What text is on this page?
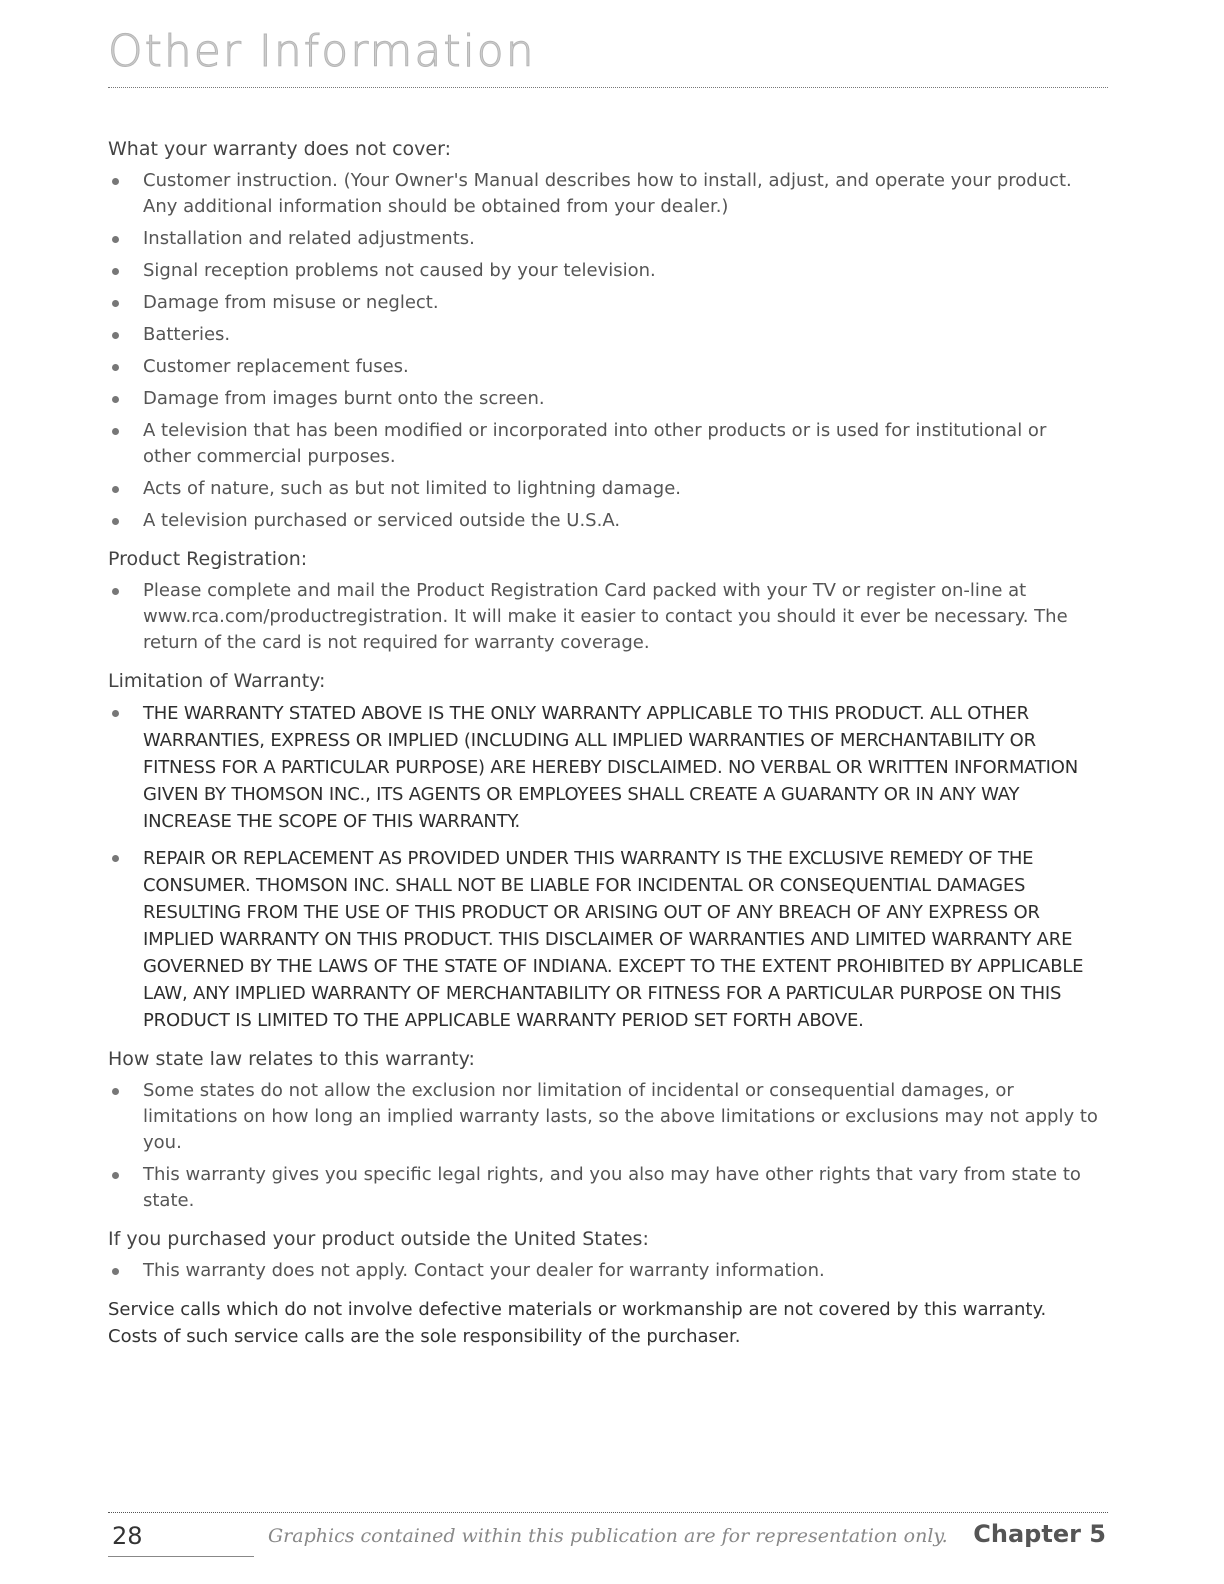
Other Information
What your warranty does not cover:
Customer instruction. (Your Owner's Manual describes how to install, adjust, and operate your product. Any additional information should be obtained from your dealer.)
Installation and related adjustments.
Signal reception problems not caused by your television.
Damage from misuse or neglect.
Batteries.
Customer replacement fuses.
Damage from images burnt onto the screen.
A television that has been modified or incorporated into other products or is used for institutional or other commercial purposes.
Acts of nature, such as but not limited to lightning damage.
A television purchased or serviced outside the U.S.A.
Product Registration:
Please complete and mail the Product Registration Card packed with your TV or register on-line at www.rca.com/productregistration. It will make it easier to contact you should it ever be necessary. The return of the card is not required for warranty coverage.
Limitation of Warranty:
THE WARRANTY STATED ABOVE IS THE ONLY WARRANTY APPLICABLE TO THIS PRODUCT. ALL OTHER WARRANTIES, EXPRESS OR IMPLIED (INCLUDING ALL IMPLIED WARRANTIES OF MERCHANTABILITY OR FITNESS FOR A PARTICULAR PURPOSE) ARE HEREBY DISCLAIMED. NO VERBAL OR WRITTEN INFORMATION GIVEN BY THOMSON INC., ITS AGENTS OR EMPLOYEES SHALL CREATE A GUARANTY OR IN ANY WAY INCREASE THE SCOPE OF THIS WARRANTY.
REPAIR OR REPLACEMENT AS PROVIDED UNDER THIS WARRANTY IS THE EXCLUSIVE REMEDY OF THE CONSUMER. THOMSON INC. SHALL NOT BE LIABLE FOR INCIDENTAL OR CONSEQUENTIAL DAMAGES RESULTING FROM THE USE OF THIS PRODUCT OR ARISING OUT OF ANY BREACH OF ANY EXPRESS OR IMPLIED WARRANTY ON THIS PRODUCT. THIS DISCLAIMER OF WARRANTIES AND LIMITED WARRANTY ARE GOVERNED BY THE LAWS OF THE STATE OF INDIANA. EXCEPT TO THE EXTENT PROHIBITED BY APPLICABLE LAW, ANY IMPLIED WARRANTY OF MERCHANTABILITY OR FITNESS FOR A PARTICULAR PURPOSE ON THIS PRODUCT IS LIMITED TO THE APPLICABLE WARRANTY PERIOD SET FORTH ABOVE.
How state law relates to this warranty:
Some states do not allow the exclusion nor limitation of incidental or consequential damages, or limitations on how long an implied warranty lasts, so the above limitations or exclusions may not apply to you.
This warranty gives you specific legal rights, and you also may have other rights that vary from state to state.
If you purchased your product outside the United States:
This warranty does not apply. Contact your dealer for warranty information.
Service calls which do not involve defective materials or workmanship are not covered by this warranty. Costs of such service calls are the sole responsibility of the purchaser.
28	Graphics contained within this publication are for representation only. Chapter 5
